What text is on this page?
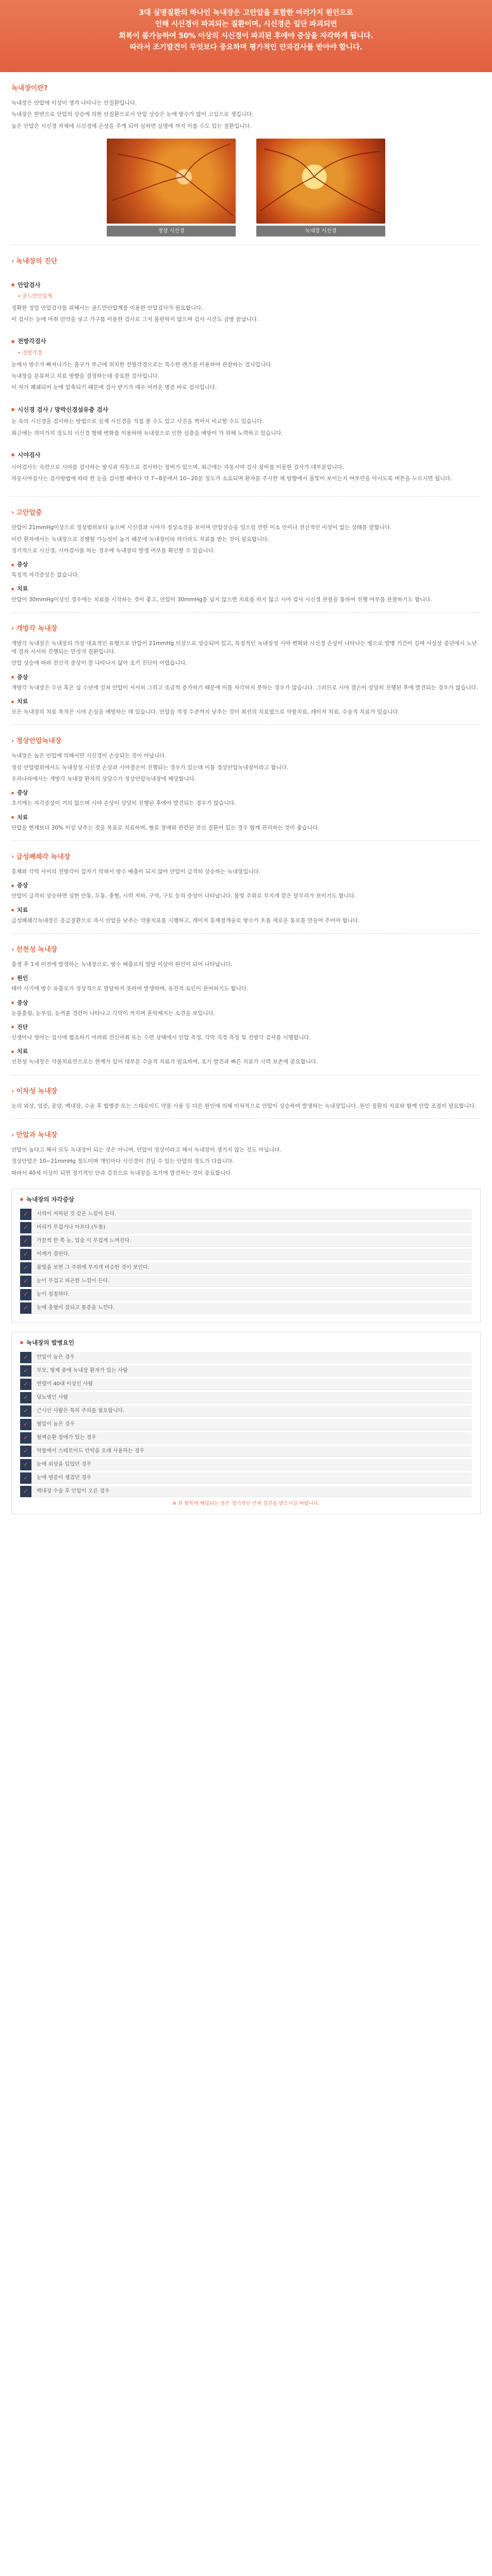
3대 실명질환의 하나인 녹내장은 고안압을 포함한 여러가지 원인으로

인해 시신경이 파괴되는 질환이며, 시신경은 일단 파괴되면

회복이 불가능하여 50% 이상의 시신경이 파괴된 후에야 증상을 자각하게 됩니다.

따라서 조기발견이 무엇보다 중요하며 평가적인 안과검사를 받아야 합니다.

녹내장이란?

녹내장은 안압에 이상이 생겨 나타나는 안질환입니다.

녹내장은 한번으로 안압의 상승에 의한 안질환으로서 안압 상승은 눈에 방수가 많이 고임으로 생깁니다.

높은 안압은 시신경 자체에 시신경에 손상을 주게 되어 심하면 실명에 까지 이를 수도 있는 질환입니다.

정상 시신경	녹내장 시신경
› 녹내장의 진단
안압검사
• 골드만안압계

정확한 정밀 안압검사를 위해서는 골드만안압계를 이용한 안압검사가 필요합니다.

이 검사는 눈에 마취 안약을 넣고 가구를 이용한 검사로 그저 불편하지 않으며 검사 시간도 금방 끝납니다.

전방각검사
• 전방각경

눈에서 방수가 빠져나가는 출구가 부근에 위치한 전방각경으로는 특수한 렌즈를 이용하여 관찰하는 검사입니다.

녹내장을 분류하고 치료 방향을 결정하는데 중요한 검사입니다.

이 자가 폐쇄되어 눈에 압축되기 때문에 검사 받기가 매우 어려운 병증 바로 검사입니다.

시신경 검사 / 망막신경섬유층 검사

눈 속의 시신경을 검사하는 방법으로 실제 시신경을 직접 볼 수도 있고 사진을 찍어서 비교할 수도 있습니다.

최근에는 의미가지 정도의 시신경 형태 변화를 이용하여 녹내장으로 인한 심층을 예방이 가 위해 노력하고 있습니다.

시야검사

시야검사는 숙련으로 시야를 검사하는 방식과 자동으로 검사하는 장비가 있으며, 최근에는 자동시야 검사 장비를 이용한 검사가 대부분입니다.

자동시야검사는 검사방법에 따라 한 눈을 검사할 때마다 약 7~8분에서 10~20분 정도가 소요되며 환자를 주시한 채 방향에서 불빛이 보이는지 여부만을 아시도록 버튼을 누르시면 됩니다.

› 고안압중

안압이 21mmHg이상으로 정상범위보다 높으며 시신경과 시야가 정상소견을 보이며 안압상승을 일으킬 만한 이소 안이나 전신적인 이상이 없는 상태를 말합니다.

이런 환자에서는 녹내장으로 진행될 가능성이 높기 때문에 녹내장이라 하더라도 치료를 받는 것이 필요합니다.

정기적으로 시신경, 시야검사를 하는 경우에 녹내장의 발생 여부를 확인할 수 있습니다.

증상

특징적 자각증상은 없습니다.

치료

안압이 30mmHg이상인 경우에는 치료를 시작하는 것이 좋고, 안압이 30mmHg를 넘지 않으면 치료를 하지 않고 시야 검사 시신경 관찰을 통하여 진행 여부를 관찰하기도 합니다.

› 개방각 녹내장

개방각 녹내장은 녹내장의 가장 대표적인 유형으로 안압이 21mmHg 이상으로 상승되어 있고, 특징적인 녹내장성 시야 변화와 시신경 손상이 나타나는 병으로 발병 기간이 길며 사실상 중년에서 노년에 걸쳐 서서히 진행되는 만성적 질환입니다.

안압 상승에 따라 전신적 증상이 잘 나타나지 않아 조기 진단이 어렵습니다.

증상

개방각 녹내장은 수년 혹은 십 수년에 걸쳐 안압이 서서히 그리고 조금씩 증가하기 때문에 이를 자각하지 못하는 경우가 많습니다. 그러므로 시야 결손이 상당히 진행된 후에 발견되는 경우가 많습니다.

치료

모든 녹내장의 치료 목적은 시야 손실을 예방하는 데 있습니다. 안압을 적정 수준까지 낮추는 것이 최선의 치료법으로 약물치료, 레이저 치료, 수술적 치료가 있습니다.

› 정상안압녹내장

녹내장은 높은 안압에 의해서만 시신경이 손상되는 것이 아닙니다.

정상 안압범위에서도 녹내장성 시신경 손상과 시야결손이 진행되는 경우가 있는데 이를 정상안압녹내장이라고 합니다.

우리나라에서는 개방각 녹내장 환자의 상당수가 정상안압녹내장에 해당합니다.

증상

초기에는 자각증상이 거의 없으며 시야 손상이 상당히 진행된 후에야 발견되는 경우가 많습니다.

치료

안압을 현재보다 30% 이상 낮추는 것을 목표로 치료하며, 혈류 장애와 관련된 전신 질환이 있는 경우 함께 관리하는 것이 좋습니다.

› 급성폐쇄각 녹내장

홍채와 각막 사이의 전방각이 갑자기 막혀서 방수 배출이 되지 않아 안압이 급격히 상승하는 녹내장입니다.

증상

안압이 급격히 상승하면 심한 안통, 두통, 충혈, 시력 저하, 구역, 구토 등의 증상이 나타납니다. 불빛 주위로 무지개 같은 달무리가 보이기도 합니다.

치료

급성폐쇄각녹내장은 응급질환으로 즉시 안압을 낮추는 약물치료를 시행하고, 레이저 홍채절개술로 방수가 흐를 새로운 통로를 만들어 주어야 합니다.

› 선천성 녹내장

출생 후 1세 이전에 발생하는 녹내장으로, 방수 배출로의 발달 이상이 원인이 되어 나타납니다.

원인

태아 시기에 방수 유출로가 정상적으로 발달하지 못하여 발생하며, 유전적 요인이 관여하기도 합니다.

증상

눈물흘림, 눈부심, 눈꺼풀 경련이 나타나고 각막이 커지며 혼탁해지는 소견을 보입니다.

진단

신생아나 영아는 검사에 협조하기 어려워 전신마취 또는 수면 상태에서 안압 측정, 각막 직경 측정 및 전방각 검사를 시행합니다.

치료

선천성 녹내장은 약물치료만으로는 한계가 있어 대부분 수술적 치료가 필요하며, 조기 발견과 빠른 치료가 시력 보존에 중요합니다.

› 이차성 녹내장

눈의 외상, 염증, 종양, 백내장, 수술 후 합병증 또는 스테로이드 약물 사용 등 다른 원인에 의해 이차적으로 안압이 상승하여 발생하는 녹내장입니다. 원인 질환의 치료와 함께 안압 조절이 필요합니다.

› 안압과 녹내장

안압이 높다고 해서 모두 녹내장이 되는 것은 아니며, 안압이 정상이라고 해서 녹내장이 생기지 않는 것도 아닙니다.

정상안압은 10~21mmHg 정도이며 개인마다 시신경이 견딜 수 있는 안압의 정도가 다릅니다.

따라서 40세 이상이 되면 정기적인 안과 검진으로 녹내장을 조기에 발견하는 것이 중요합니다.

녹내장의 자각증상
✓	시력이 저하된 것 같은 느낌이 든다.
✓	머리가 무겁거나 아프다.(두통)
✓	가끔씩 한 쪽 눈, 입술 이 무겁게 느껴진다.
✓	어깨가 결린다.
✓	불빛을 보면 그 주위에 무지개 비슷한 것이 보인다.
✓	눈이 무겁고 피곤한 느낌이 든다.
✓	눈이 침침하다.
✓	눈에 충혈이 잘되고 통증을 느낀다.
녹내장의 발병요인
✓	안압이 높은 경우
✓	부모, 형제 중에 녹내장 환자가 있는 사람
✓	연령이 40대 이상인 사람
✓	당뇨병인 사람
✓	근시인 사람은 특히 주의를 필요합니다.
✓	혈압이 높은 경우
✓	혈액순환 장애가 있는 경우
✓	약물에서 스테로이드 안약을 오래 사용하는 경우
✓	눈에 외상을 입었던 경우
✓	눈에 염증이 생겼던 경우
✓	백내장 수술 후 안압이 오른 경우
※ 위 항목에 해당되는 분은 정기적인 안과 검진을 받으시길 바랍니다.
